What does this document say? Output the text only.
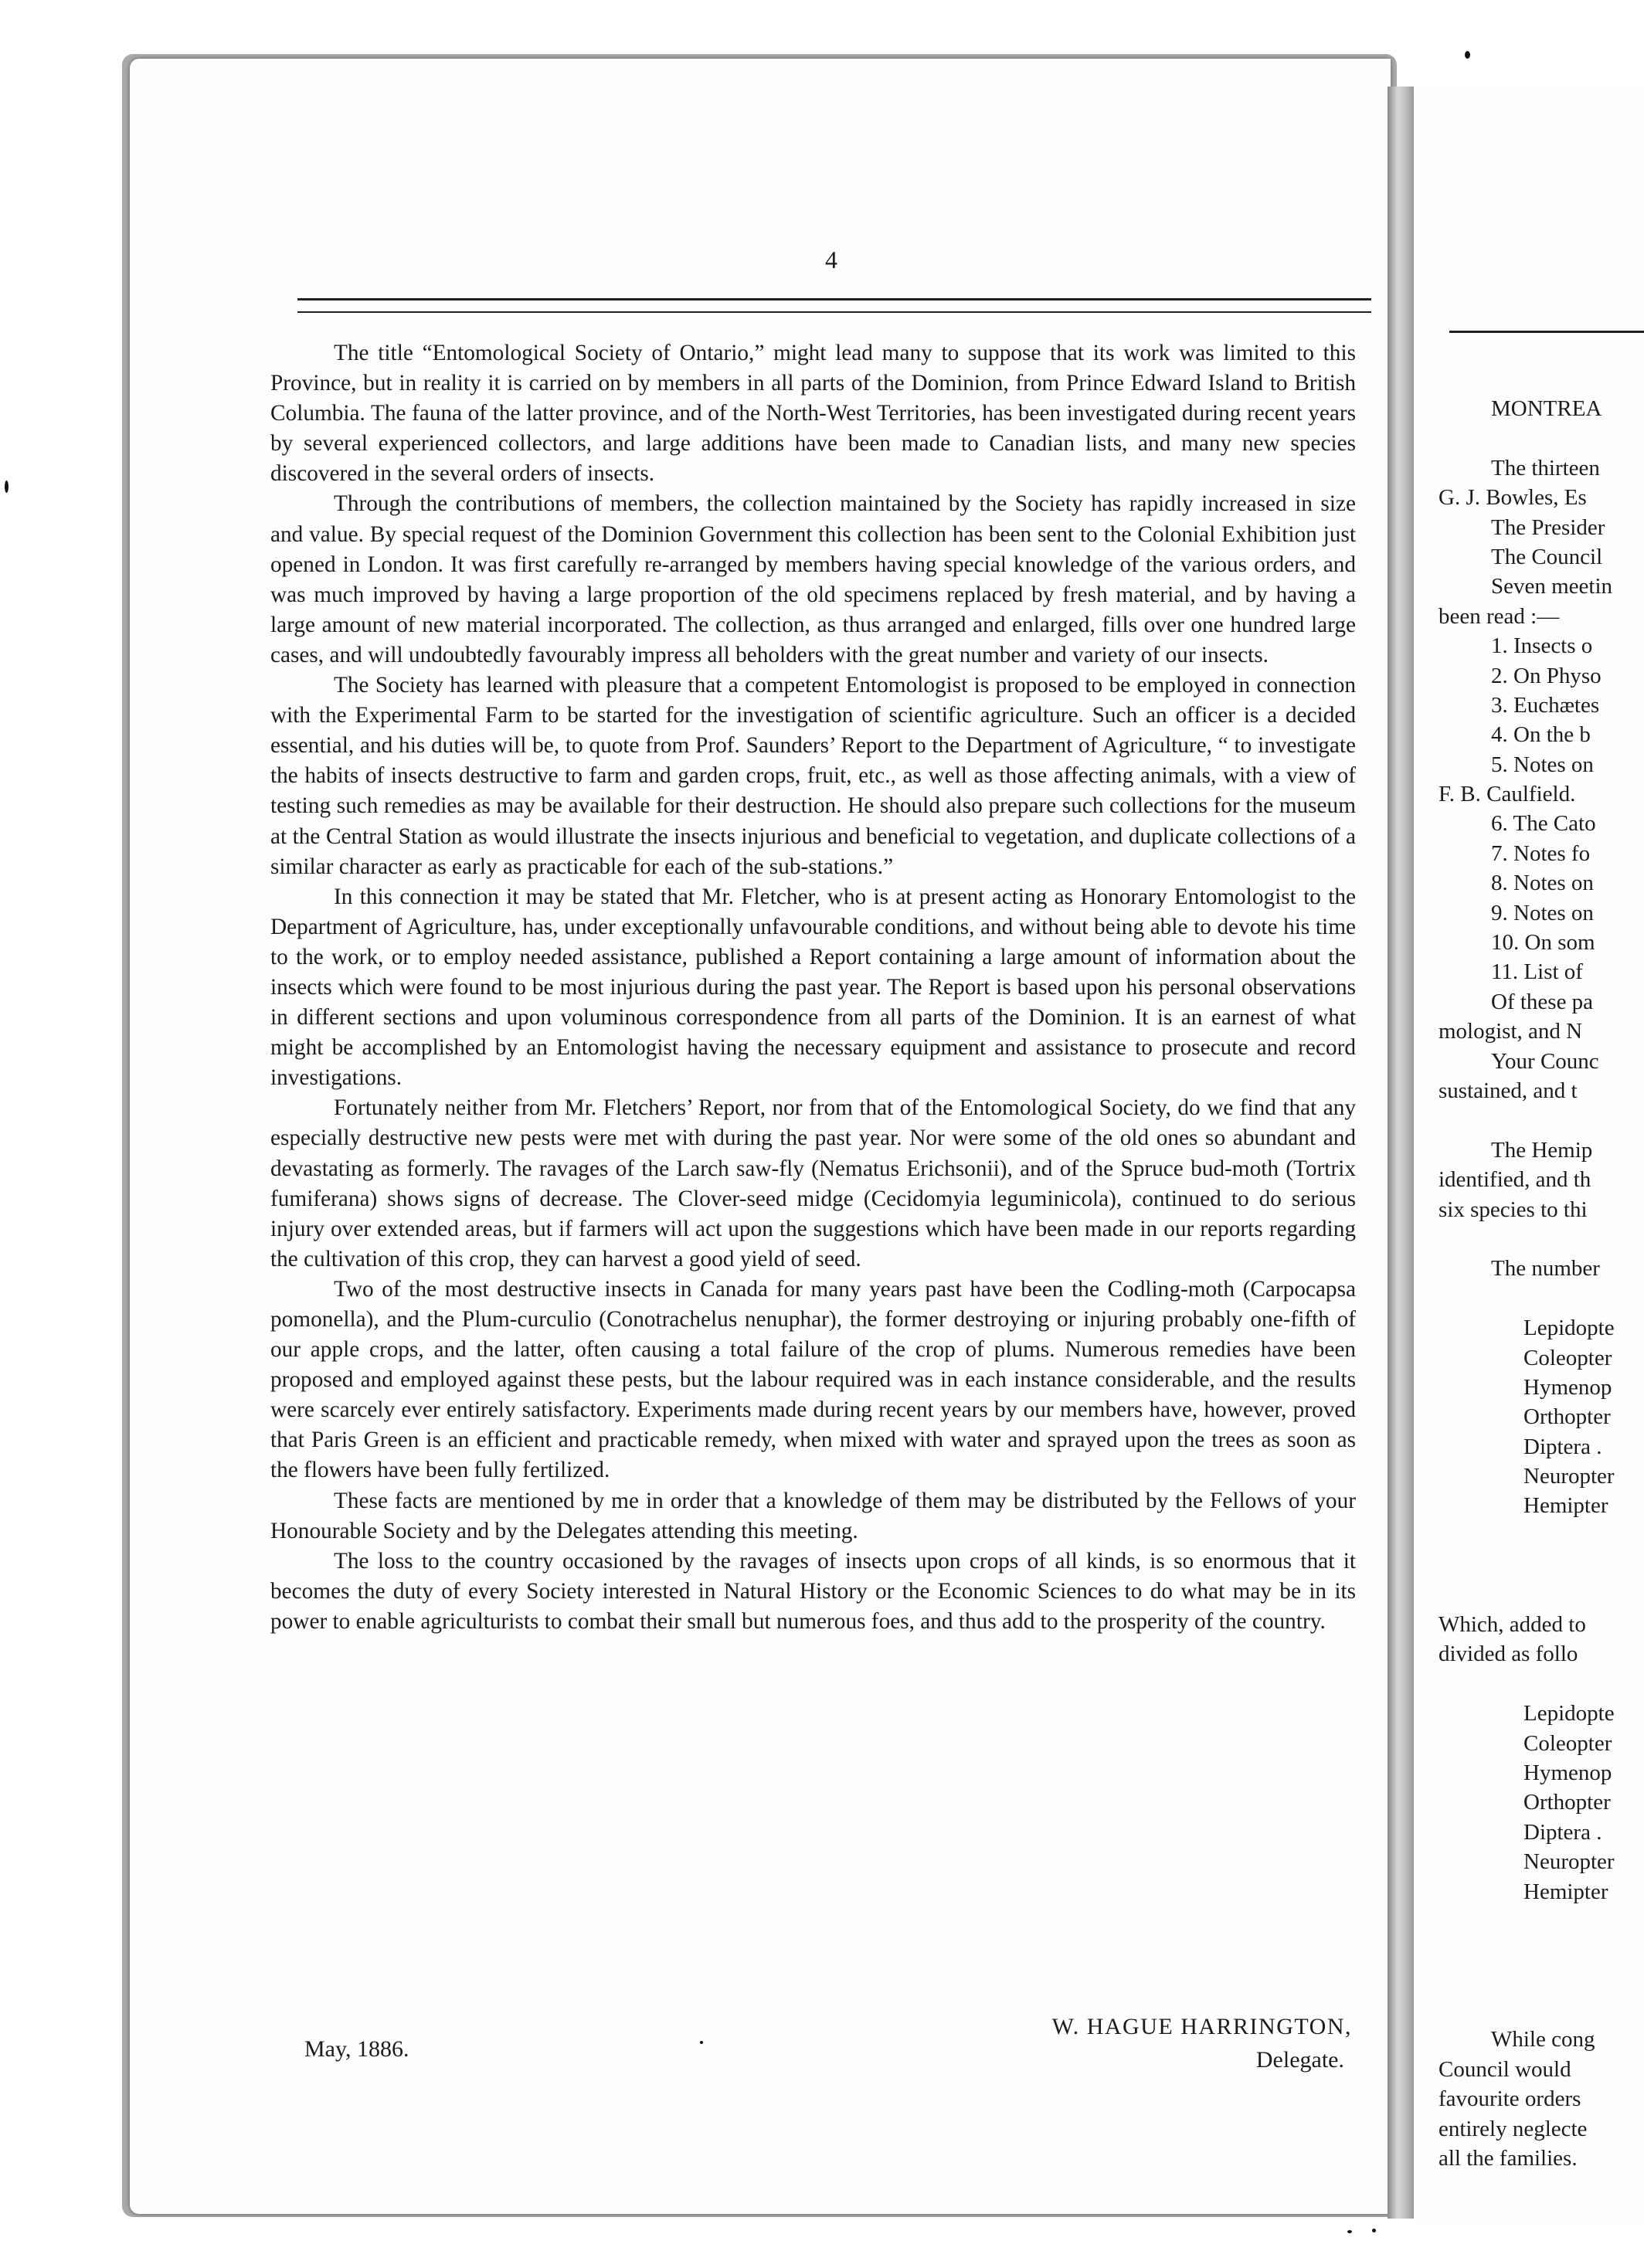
MONTREA
The thirteen
G. J. Bowles, Es
The Presider
The Council
Seven meetin
been read :—
1. Insects o
2. On Physo
3. Euchætes
4. On the b
5. Notes on
F. B. Caulfield.
6. The Cato
7. Notes fo
8. Notes on
9. Notes on
10. On som
11. List of
Of these pa
mologist, and N
Your Counc
sustained, and t
The Hemip
identified, and th
six species to thi
The number
Lepidopte
Coleopter
Hymenop
Orthopter
Diptera .
Neuropter
Hemipter
Which, added to
divided as follo
Lepidopte
Coleopter
Hymenop
Orthopter
Diptera .
Neuropter
Hemipter
While cong
Council would
favourite orders
entirely neglecte
all the families.
4

The title “Entomological Society of Ontario,” might lead many to suppose that its work was limited to this Province, but in reality it is carried on by members in all parts of the Dominion, from Prince Edward Island to British Columbia. The fauna of the latter province, and of the North-West Territories, has been investigated during recent years by several experienced collectors, and large additions have been made to Canadian lists, and many new species discovered in the several orders of insects.

Through the contributions of members, the collection maintained by the Society has rapidly increased in size and value. By special request of the Dominion Government this collection has been sent to the Colonial Exhibition just opened in London. It was first carefully re-arranged by members having special knowledge of the various orders, and was much improved by having a large proportion of the old specimens replaced by fresh material, and by having a large amount of new material incorporated. The collection, as thus arranged and enlarged, fills over one hundred large cases, and will undoubtedly favourably impress all beholders with the great number and variety of our insects.

The Society has learned with pleasure that a competent Entomologist is proposed to be employed in connection with the Experimental Farm to be started for the investigation of scientific agriculture. Such an officer is a decided essential, and his duties will be, to quote from Prof. Saunders’ Report to the Department of Agriculture, “ to investigate the habits of insects destructive to farm and garden crops, fruit, etc., as well as those affecting animals, with a view of testing such remedies as may be available for their destruction. He should also prepare such collections for the museum at the Central Station as would illustrate the insects injurious and beneficial to vegetation, and duplicate collections of a similar character as early as practicable for each of the sub-stations.”

In this connection it may be stated that Mr. Fletcher, who is at present acting as Honorary Entomologist to the Department of Agriculture, has, under exceptionally unfavourable conditions, and without being able to devote his time to the work, or to employ needed assistance, published a Report containing a large amount of information about the insects which were found to be most injurious during the past year. The Report is based upon his personal observations in different sections and upon voluminous correspondence from all parts of the Dominion. It is an earnest of what might be accomplished by an Entomologist having the necessary equipment and assistance to prosecute and record investigations.

Fortunately neither from Mr. Fletchers’ Report, nor from that of the Entomological Society, do we find that any especially destructive new pests were met with during the past year. Nor were some of the old ones so abundant and devastating as formerly. The ravages of the Larch saw-fly (Nematus Erichsonii), and of the Spruce bud-moth (Tortrix fumiferana) shows signs of decrease. The Clover-seed midge (Cecidomyia leguminicola), continued to do serious injury over extended areas, but if farmers will act upon the suggestions which have been made in our reports regarding the cultivation of this crop, they can harvest a good yield of seed.

Two of the most destructive insects in Canada for many years past have been the Codling-moth (Carpocapsa pomonella), and the Plum-curculio (Conotrachelus nenuphar), the former destroying or injuring probably one-fifth of our apple crops, and the latter, often causing a total failure of the crop of plums. Numerous remedies have been proposed and employed against these pests, but the labour required was in each instance considerable, and the results were scarcely ever entirely satisfactory. Experiments made during recent years by our members have, however, proved that Paris Green is an efficient and practicable remedy, when mixed with water and sprayed upon the trees as soon as the flowers have been fully fertilized.

These facts are mentioned by me in order that a knowledge of them may be distributed by the Fellows of your Honourable Society and by the Delegates attending this meeting.

The loss to the country occasioned by the ravages of insects upon crops of all kinds, is so enormous that it becomes the duty of every Society interested in Natural History or the Economic Sciences to do what may be in its power to enable agriculturists to combat their small but numerous foes, and thus add to the prosperity of the country.

May, 1886.
W. HAGUE HARRINGTON,
Delegate.
